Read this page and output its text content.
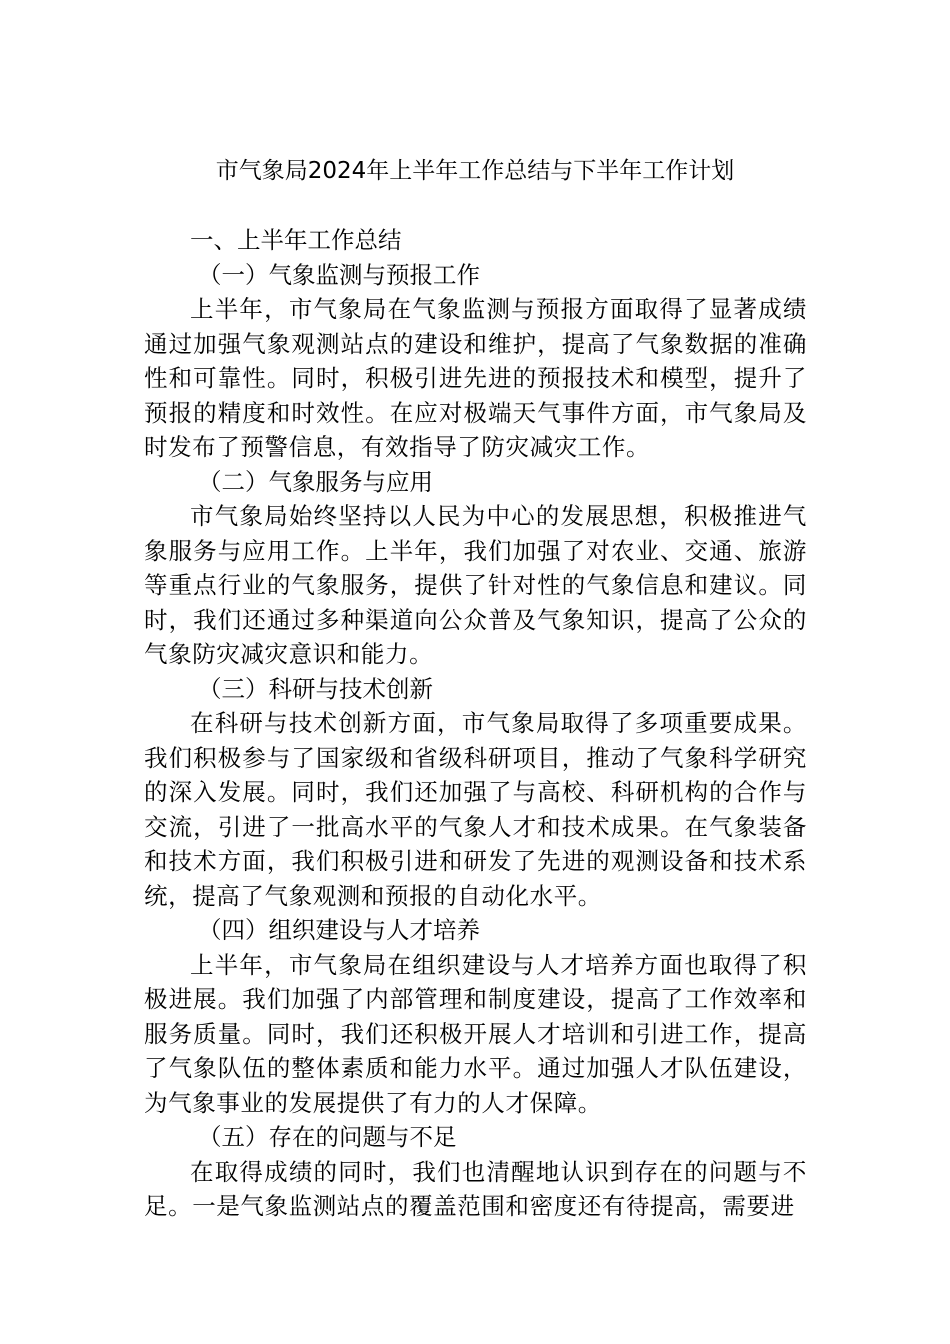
市气象局2024年上半年工作总结与下半年工作计划

一、上半年工作总结

（一）气象监测与预报工作

上半年，市气象局在气象监测与预报方面取得了显著成绩通过加强气象观测站点的建设和维护，提高了气象数据的准确性和可靠性。同时，积极引进先进的预报技术和模型，提升了预报的精度和时效性。在应对极端天气事件方面，市气象局及时发布了预警信息，有效指导了防灾减灾工作。

（二）气象服务与应用

市气象局始终坚持以人民为中心的发展思想，积极推进气象服务与应用工作。上半年，我们加强了对农业、交通、旅游等重点行业的气象服务，提供了针对性的气象信息和建议。同时，我们还通过多种渠道向公众普及气象知识，提高了公众的气象防灾减灾意识和能力。

（三）科研与技术创新

在科研与技术创新方面，市气象局取得了多项重要成果。我们积极参与了国家级和省级科研项目，推动了气象科学研究的深入发展。同时，我们还加强了与高校、科研机构的合作与交流，引进了一批高水平的气象人才和技术成果。在气象装备和技术方面，我们积极引进和研发了先进的观测设备和技术系统，提高了气象观测和预报的自动化水平。

（四）组织建设与人才培养

上半年，市气象局在组织建设与人才培养方面也取得了积极进展。我们加强了内部管理和制度建设，提高了工作效率和服务质量。同时，我们还积极开展人才培训和引进工作，提高了气象队伍的整体素质和能力水平。通过加强人才队伍建设，为气象事业的发展提供了有力的人才保障。

（五）存在的问题与不足

在取得成绩的同时，我们也清醒地认识到存在的问题与不足。一是气象监测站点的覆盖范围和密度还有待提高，需要进
